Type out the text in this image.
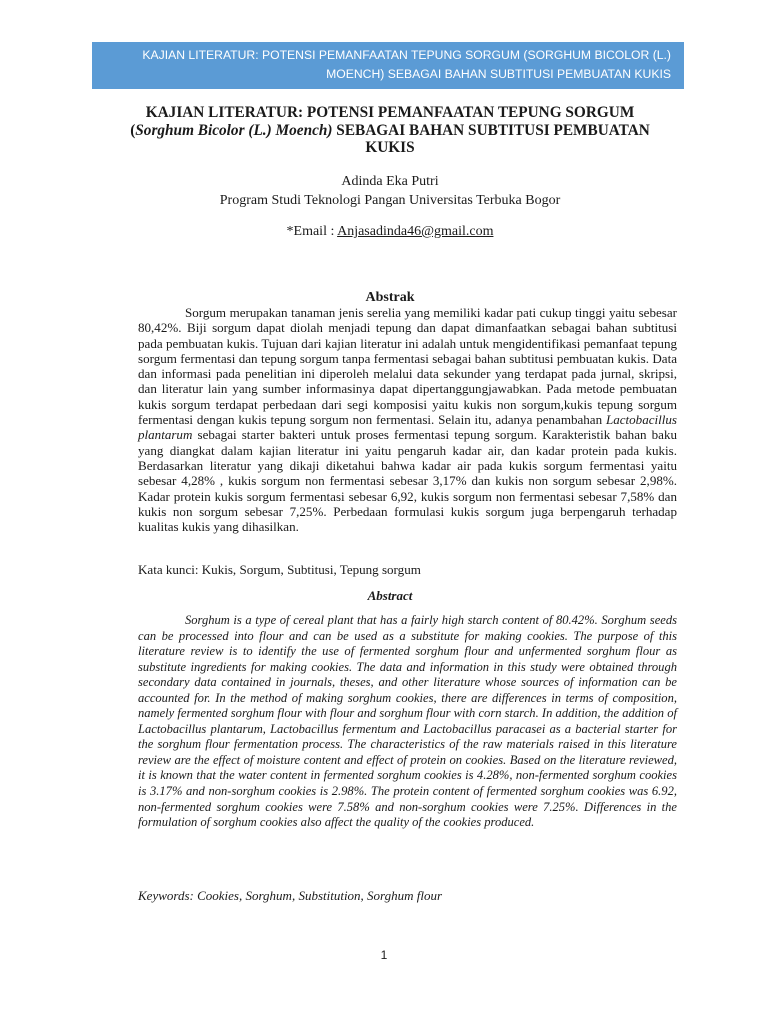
KAJIAN LITERATUR: POTENSI PEMANFAATAN TEPUNG SORGUM (SORGHUM BICOLOR (L.)
MOENCH) SEBAGAI BAHAN SUBTITUSI PEMBUATAN KUKIS
KAJIAN LITERATUR: POTENSI PEMANFAATAN TEPUNG SORGUM
(Sorghum Bicolor (L.) Moench) SEBAGAI BAHAN SUBTITUSI PEMBUATAN
KUKIS
Adinda Eka Putri
Program Studi Teknologi Pangan Universitas Terbuka Bogor
*Email : Anjasadinda46@gmail.com
Abstrak

Sorgum merupakan tanaman jenis serelia yang memiliki kadar pati cukup tinggi yaitu sebesar 80,42%. Biji sorgum dapat diolah menjadi tepung dan dapat dimanfaatkan sebagai bahan subtitusi pada pembuatan kukis. Tujuan dari kajian literatur ini adalah untuk mengidentifikasi pemanfaat tepung sorgum fermentasi dan tepung sorgum tanpa fermentasi sebagai bahan subtitusi pembuatan kukis. Data dan informasi pada penelitian ini diperoleh melalui data sekunder yang terdapat pada jurnal, skripsi, dan literatur lain yang sumber informasinya dapat dipertanggungjawabkan. Pada metode pembuatan kukis sorgum terdapat perbedaan dari segi komposisi yaitu kukis non sorgum,kukis tepung sorgum fermentasi dengan kukis tepung sorgum non fermentasi. Selain itu, adanya penambahan Lactobacillus plantarum sebagai starter bakteri untuk proses fermentasi tepung sorgum. Karakteristik bahan baku yang diangkat dalam kajian literatur ini yaitu pengaruh kadar air, dan kadar protein pada kukis. Berdasarkan literatur yang dikaji diketahui bahwa kadar air pada kukis sorgum fermentasi yaitu sebesar 4,28% , kukis sorgum non fermentasi sebesar 3,17% dan kukis non sorgum sebesar 2,98%. Kadar protein kukis sorgum fermentasi sebesar 6,92, kukis sorgum non fermentasi sebesar 7,58% dan kukis non sorgum sebesar 7,25%. Perbedaan formulasi kukis sorgum juga berpengaruh terhadap kualitas kukis yang dihasilkan.

Kata kunci: Kukis, Sorgum, Subtitusi, Tepung sorgum
Abstract

Sorghum is a type of cereal plant that has a fairly high starch content of 80.42%. Sorghum seeds can be processed into flour and can be used as a substitute for making cookies. The purpose of this literature review is to identify the use of fermented sorghum flour and unfermented sorghum flour as substitute ingredients for making cookies. The data and information in this study were obtained through secondary data contained in journals, theses, and other literature whose sources of information can be accounted for. In the method of making sorghum cookies, there are differences in terms of composition, namely fermented sorghum flour with flour and sorghum flour with corn starch. In addition, the addition of Lactobacillus plantarum, Lactobacillus fermentum and Lactobacillus paracasei as a bacterial starter for the sorghum flour fermentation process. The characteristics of the raw materials raised in this literature review are the effect of moisture content and effect of protein on cookies. Based on the literature reviewed, it is known that the water content in fermented sorghum cookies is 4.28%, non-fermented sorghum cookies is 3.17% and non-sorghum cookies is 2.98%. The protein content of fermented sorghum cookies was 6.92, non-fermented sorghum cookies were 7.58% and non-sorghum cookies were 7.25%. Differences in the formulation of sorghum cookies also affect the quality of the cookies produced.

Keywords: Cookies, Sorghum, Substitution, Sorghum flour
1
